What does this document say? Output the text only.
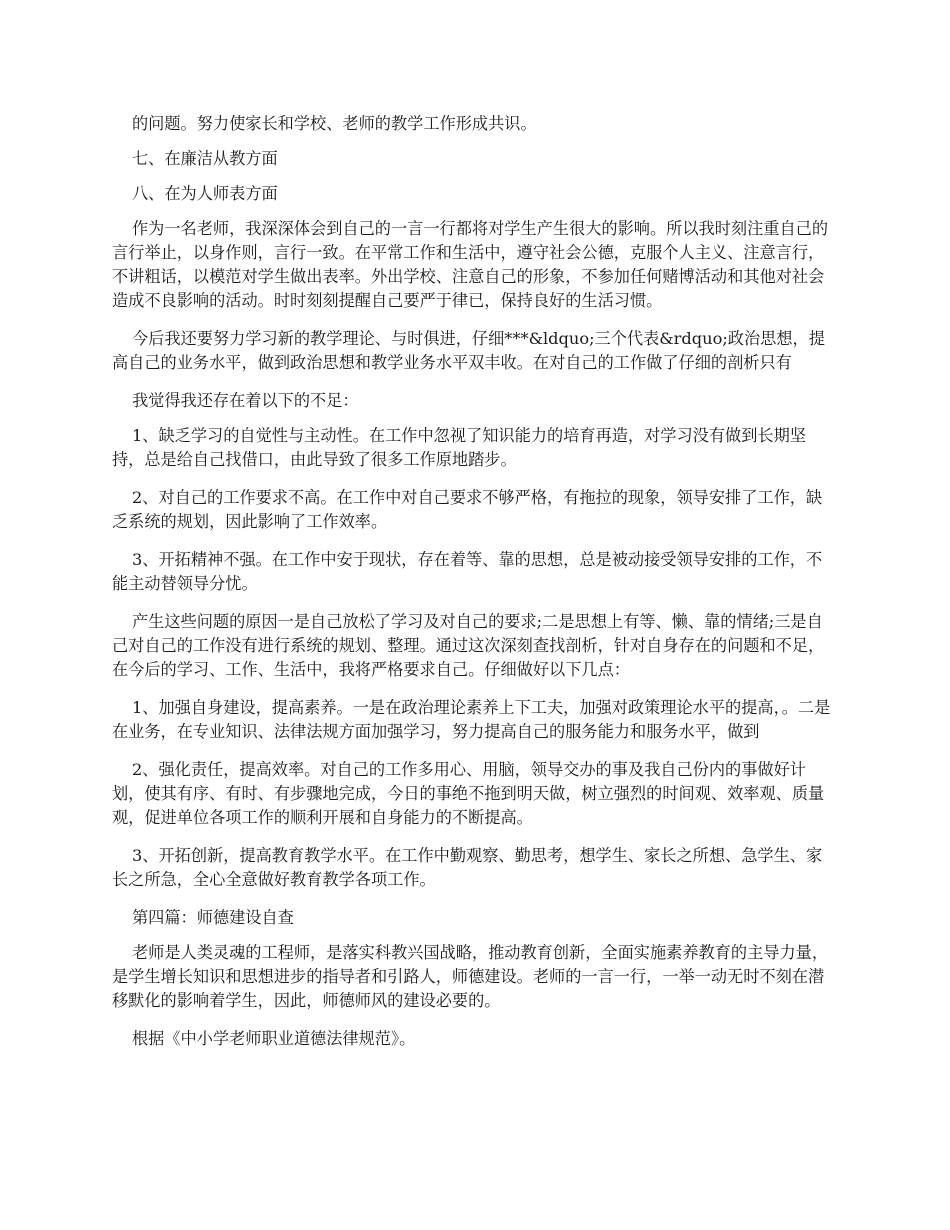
的问题。努力使家长和学校、老师的教学工作形成共识。

七、在廉洁从教方面

八、在为人师表方面

作为一名老师，我深深体会到自己的一言一行都将对学生产生很大的影响。所以我时刻注重自己的言行举止，以身作则，言行一致。在平常工作和生活中，遵守社会公德，克服个人主义、注意言行，不讲粗话，以模范对学生做出表率。外出学校、注意自己的形象，不参加任何赌博活动和其他对社会造成不良影响的活动。时时刻刻提醒自己要严于律已，保持良好的生活习惯。

今后我还要努力学习新的教学理论、与时俱进，仔细***&ldquo;三个代表&rdquo;政治思想，提高自己的业务水平，做到政治思想和教学业务水平双丰收。在对自己的工作做了仔细的剖析只有

我觉得我还存在着以下的不足：

1、缺乏学习的自觉性与主动性。在工作中忽视了知识能力的培育再造，对学习没有做到长期坚持，总是给自己找借口，由此导致了很多工作原地踏步。

2、对自己的工作要求不高。在工作中对自己要求不够严格，有拖拉的现象，领导安排了工作，缺乏系统的规划，因此影响了工作效率。

3、开拓精神不强。在工作中安于现状，存在着等、靠的思想，总是被动接受领导安排的工作，不能主动替领导分忧。

产生这些问题的原因一是自己放松了学习及对自己的要求;二是思想上有等、懒、靠的情绪;三是自己对自己的工作没有进行系统的规划、整理。通过这次深刻查找剖析，针对自身存在的问题和不足，在今后的学习、工作、生活中，我将严格要求自己。仔细做好以下几点：

1、加强自身建设，提高素养。一是在政治理论素养上下工夫，加强对政策理论水平的提高，。二是在业务，在专业知识、法律法规方面加强学习，努力提高自己的服务能力和服务水平，做到

2、强化责任，提高效率。对自己的工作多用心、用脑，领导交办的事及我自己份内的事做好计划，使其有序、有时、有步骤地完成，今日的事绝不拖到明天做，树立强烈的时间观、效率观、质量观，促进单位各项工作的顺利开展和自身能力的不断提高。

3、开拓创新，提高教育教学水平。在工作中勤观察、勤思考，想学生、家长之所想、急学生、家长之所急，全心全意做好教育教学各项工作。

第四篇：师德建设自查

老师是人类灵魂的工程师，是落实科教兴国战略，推动教育创新，全面实施素养教育的主导力量，是学生增长知识和思想进步的指导者和引路人，师德建设。老师的一言一行，一举一动无时不刻在潜移默化的影响着学生，因此，师德师风的建设必要的。

根据《中小学老师职业道德法律规范》。
